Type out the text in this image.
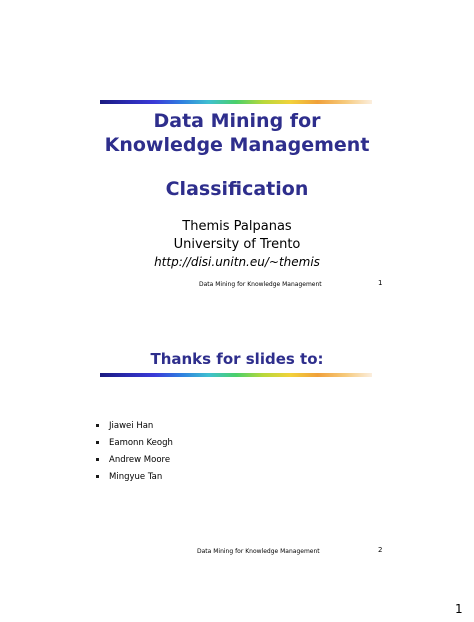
Data Mining for
Knowledge Management
Classification
Themis Palpanas
University of Trento
http://disi.unitn.eu/~themis
Data Mining for Knowledge Management	1
Thanks for slides to:
Jiawei Han
Eamonn Keogh
Andrew Moore
Mingyue Tan
Data Mining for Knowledge Management	2
1
